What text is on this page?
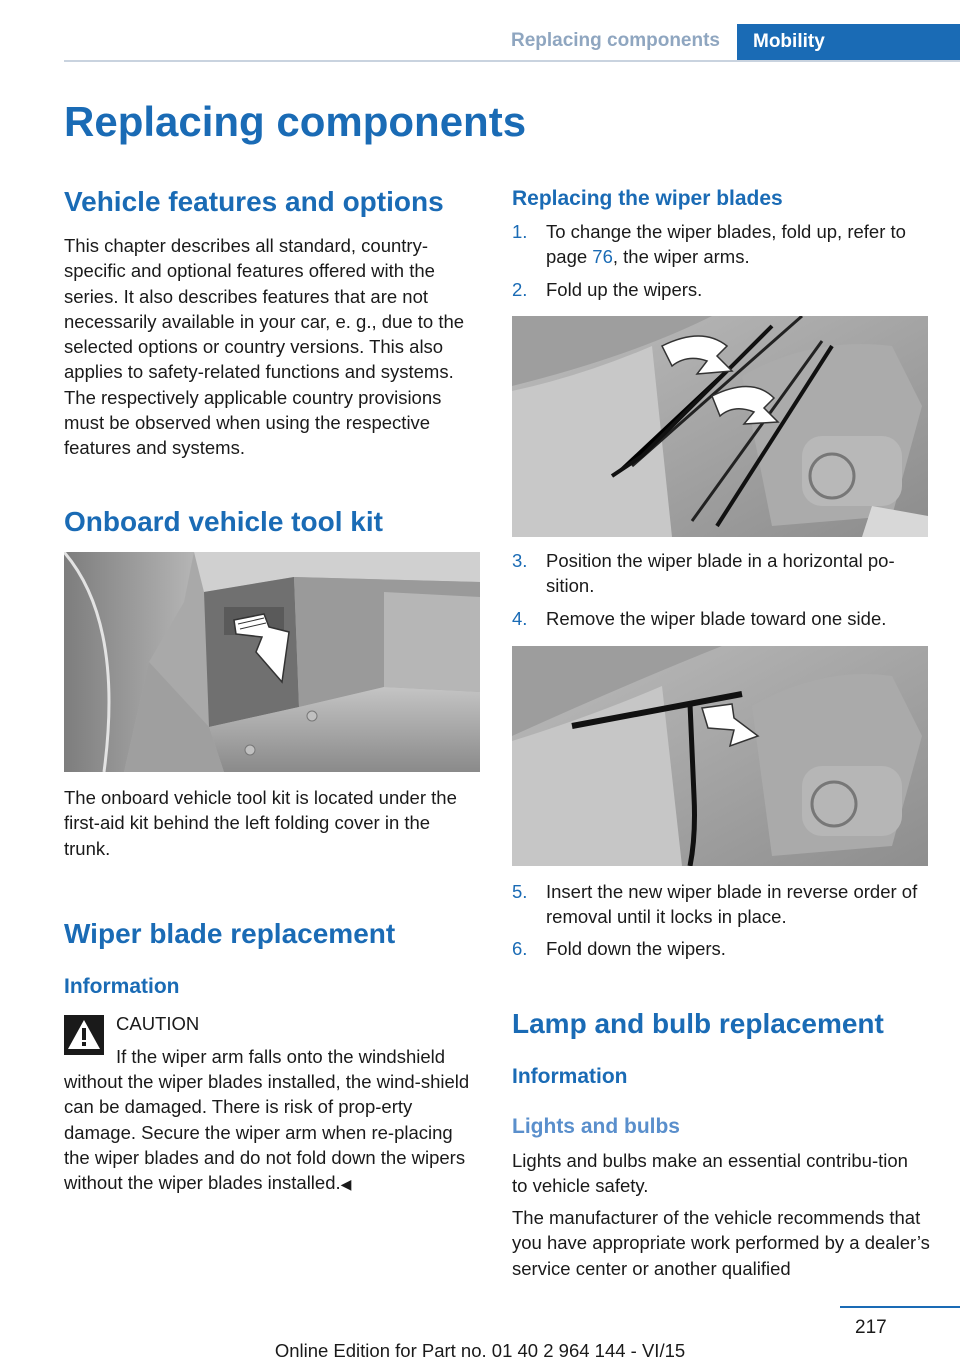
Replacing components	Mobility
Replacing components
Vehicle features and options

This chapter describes all standard, country-specific and optional features offered with the series. It also describes features that are not necessarily available in your car, e. g., due to the selected options or country versions. This also applies to safety-related functions and systems. The respectively applicable country provisions must be observed when using the respective features and systems.

Onboard vehicle tool kit

The onboard vehicle tool kit is located under the first-aid kit behind the left folding cover in the trunk.

Wiper blade replacement
Information
CAUTION

If the wiper arm falls onto the windshield

without the wiper blades installed, the wind-shield can be damaged. There is risk of prop-erty damage. Secure the wiper arm when re-placing the wiper blades and do not fold down the wipers without the wiper blades installed.◀

Replacing the wiper blades
1. To change the wiper blades, fold up, refer to page 76, the wiper arms.
2. Fold up the wipers.
3. Position the wiper blade in a horizontal po-sition.
4. Remove the wiper blade toward one side.
5. Insert the new wiper blade in reverse order of removal until it locks in place.
6. Fold down the wipers.
Lamp and bulb replacement
Information
Lights and bulbs

Lights and bulbs make an essential contribu-tion to vehicle safety.

The manufacturer of the vehicle recommends that you have appropriate work performed by a dealer’s service center or another qualified

217
Online Edition for Part no. 01 40 2 964 144 - VI/15
